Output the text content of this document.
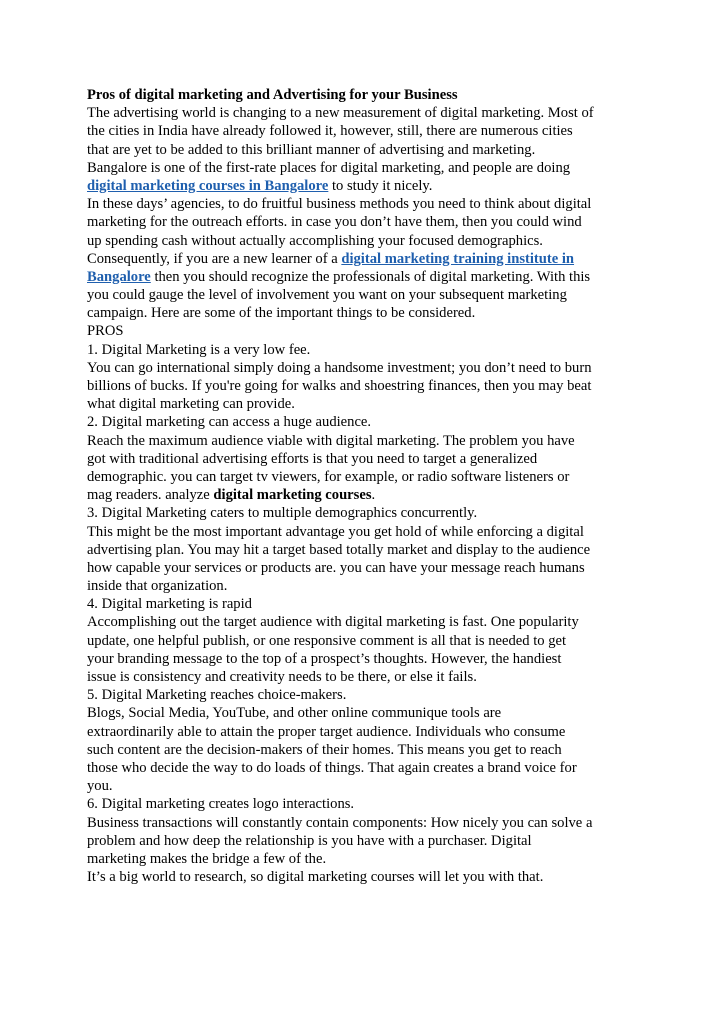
Pros of digital marketing and Advertising for your Business
The advertising world is changing to a new measurement of digital marketing. Most of
the cities in India have already followed it, however, still, there are numerous cities
that are yet to be added to this brilliant manner of advertising and marketing.
Bangalore is one of the first-rate places for digital marketing, and people are doing
digital marketing courses in Bangalore to study it nicely.
In these days’ agencies, to do fruitful business methods you need to think about digital
marketing for the outreach efforts. in case you don’t have them, then you could wind
up spending cash without actually accomplishing your focused demographics.
Consequently, if you are a new learner of a digital marketing training institute in
Bangalore then you should recognize the professionals of digital marketing. With this
you could gauge the level of involvement you want on your subsequent marketing
campaign. Here are some of the important things to be considered.
PROS
1. Digital Marketing is a very low fee.
You can go international simply doing a handsome investment; you don’t need to burn
billions of bucks. If you're going for walks and shoestring finances, then you may beat
what digital marketing can provide.
2. Digital marketing can access a huge audience.
Reach the maximum audience viable with digital marketing. The problem you have
got with traditional advertising efforts is that you need to target a generalized
demographic. you can target tv viewers, for example, or radio software listeners or
mag readers. analyze digital marketing courses.
3. Digital Marketing caters to multiple demographics concurrently.
This might be the most important advantage you get hold of while enforcing a digital
advertising plan. You may hit a target based totally market and display to the audience
how capable your services or products are. you can have your message reach humans
inside that organization.
4. Digital marketing is rapid
Accomplishing out the target audience with digital marketing is fast. One popularity
update, one helpful publish, or one responsive comment is all that is needed to get
your branding message to the top of a prospect’s thoughts. However, the handiest
issue is consistency and creativity needs to be there, or else it fails.
5. Digital Marketing reaches choice-makers.
Blogs, Social Media, YouTube, and other online communique tools are
extraordinarily able to attain the proper target audience. Individuals who consume
such content are the decision-makers of their homes. This means you get to reach
those who decide the way to do loads of things. That again creates a brand voice for
you.
6. Digital marketing creates logo interactions.
Business transactions will constantly contain components: How nicely you can solve a
problem and how deep the relationship is you have with a purchaser. Digital
marketing makes the bridge a few of the.
It’s a big world to research, so digital marketing courses will let you with that.
